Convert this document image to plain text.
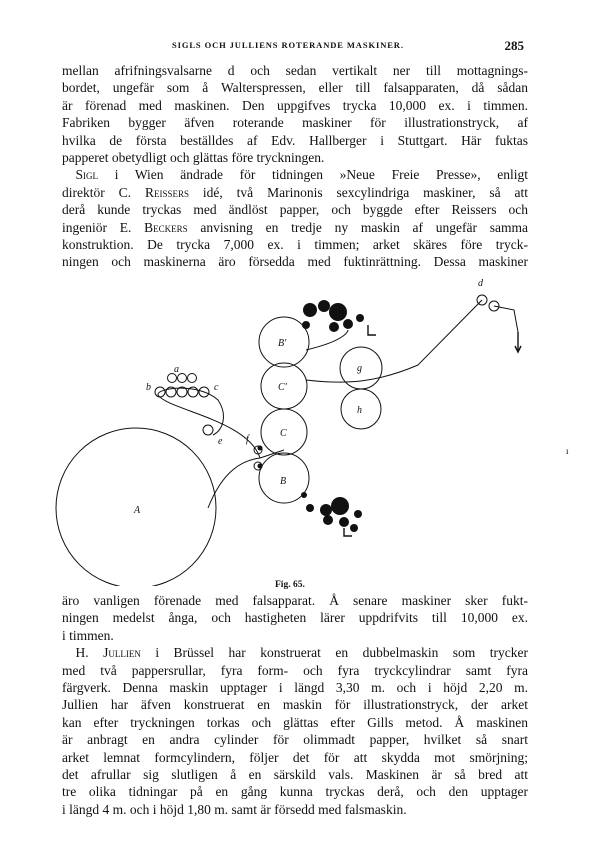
SIGLS OCH JULLIENS ROTERANDE MASKINER.	285
mellan afrifningsvalsarne d och sedan vertikalt ner till mottagnings-
bordet, ungefär som å Walterspressen, eller till falsapparaten, då sådan
är förenad med maskinen. Den uppgifves trycka 10,000 ex. i timmen.
Fabriken bygger äfven roterande maskiner för illustrationstryck, af
hvilka de första beställdes af Edv. Hallberger i Stuttgart. Här fuktas
papperet obetydligt och glättas före tryckningen.
 Sigl i Wien ändrade för tidningen »Neue Freie Presse», enligt
direktör C. Reissers idé, två Marinonis sexcylindriga maskiner, så att
derå kunde tryckas med ändlöst papper, och byggde efter Reissers och
ingeniör E. Beckers anvisning en tredje ny maskin af ungefär samma
konstruktion. De trycka 7,000 ex. i timmen; arket skäres före tryck-
ningen och maskinerna äro försedda med fuktinrättning. Dessa maskiner
A
B
B'
C'
C
g
h
d
a
b	c
e f
Fig. 65.
ı
äro vanligen förenade med falsapparat. Å senare maskiner sker fukt-
ningen medelst ånga, och hastigheten lärer uppdrifvits till 10,000 ex.
i timmen.
 H. Jullien i Brüssel har konstruerat en dubbelmaskin som trycker
med två pappersrullar, fyra form- och fyra tryckcylindrar samt fyra
färgverk. Denna maskin upptager i längd 3,30 m. och i höjd 2,20 m.
Jullien har äfven konstruerat en maskin för illustrationstryck, der arket
kan efter tryckningen torkas och glättas efter Gills metod. Å maskinen
är anbragt en andra cylinder för olimmadt papper, hvilket så snart
arket lemnat formcylindern, följer det för att skydda mot smörjning;
det afrullar sig slutligen å en särskild vals. Maskinen är så bred att
tre olika tidningar på en gång kunna tryckas derå, och den upptager
i längd 4 m. och i höjd 1,80 m. samt är försedd med falsmaskin.
